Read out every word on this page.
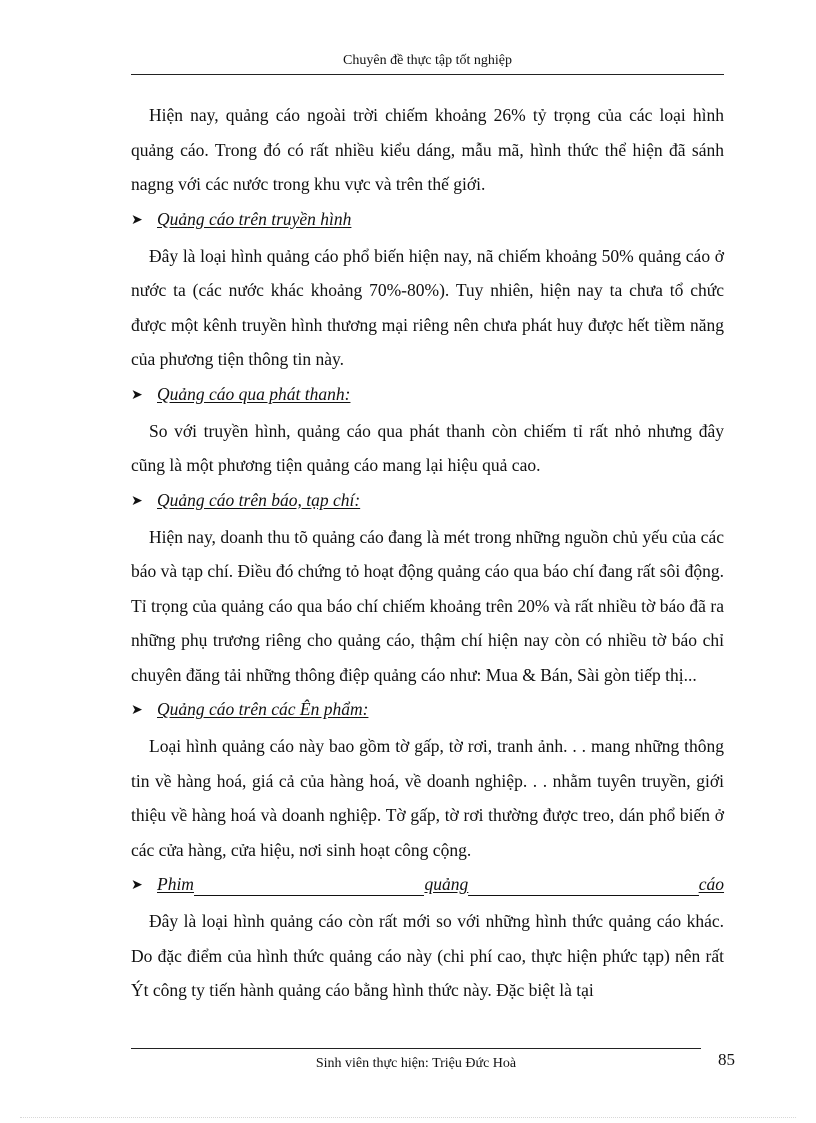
Chuyên đề thực tập tốt nghiệp

Hiện nay, quảng cáo ngoài trời chiếm khoảng 26% tỷ trọng của các loại hình quảng cáo. Trong đó có rất nhiều kiểu dáng, mẫu mã, hình thức thể hiện đã sánh nagng với các nước trong khu vực và trên thế giới.

➤ Quảng cáo trên truyền hình

Đây là loại hình quảng cáo phổ biến hiện nay, nã chiếm khoảng 50% quảng cáo ở nước ta (các nước khác khoảng 70%-80%). Tuy nhiên, hiện nay ta chưa tổ chức được một kênh truyền hình thương mại riêng nên chưa phát huy được hết tiềm năng của phương tiện thông tin này.

➤ Quảng cáo qua phát thanh:

So với truyền hình, quảng cáo qua phát thanh còn chiếm tỉ rất nhỏ nhưng đây cũng là một phương tiện quảng cáo mang lại hiệu quả cao.

➤ Quảng cáo trên báo, tạp chí:

Hiện nay, doanh thu tõ quảng cáo đang là mét trong những nguồn chủ yếu của các báo và tạp chí. Điều đó chứng tỏ hoạt động quảng cáo qua báo chí đang rất sôi động. Tỉ trọng của quảng cáo qua báo chí chiếm khoảng trên 20% và rất nhiều tờ báo đã ra những phụ trương riêng cho quảng cáo, thậm chí hiện nay còn có nhiều tờ báo chỉ chuyên đăng tải những thông điệp quảng cáo như: Mua & Bán, Sài gòn tiếp thị...

➤ Quảng cáo trên các Ên phẩm:

Loại hình quảng cáo này bao gồm tờ gấp, tờ rơi, tranh ảnh. . . mang những thông tin về hàng hoá, giá cả của hàng hoá, về doanh nghiệp. . . nhằm tuyên truyền, giới thiệu về hàng hoá và doanh nghiệp. Tờ gấp, tờ rơi thường được treo, dán phổ biến ở các cửa hàng, cửa hiệu, nơi sinh hoạt công cộng.

➤ Phim	quảng	cáo

Đây là loại hình quảng cáo còn rất mới so với những hình thức quảng cáo khác. Do đặc điểm của hình thức quảng cáo này (chi phí cao, thực hiện phức tạp) nên rất Ýt công ty tiến hành quảng cáo bằng hình thức này. Đặc biệt là tại

Sinh viên thực hiện: Triệu Đức Hoà	85
